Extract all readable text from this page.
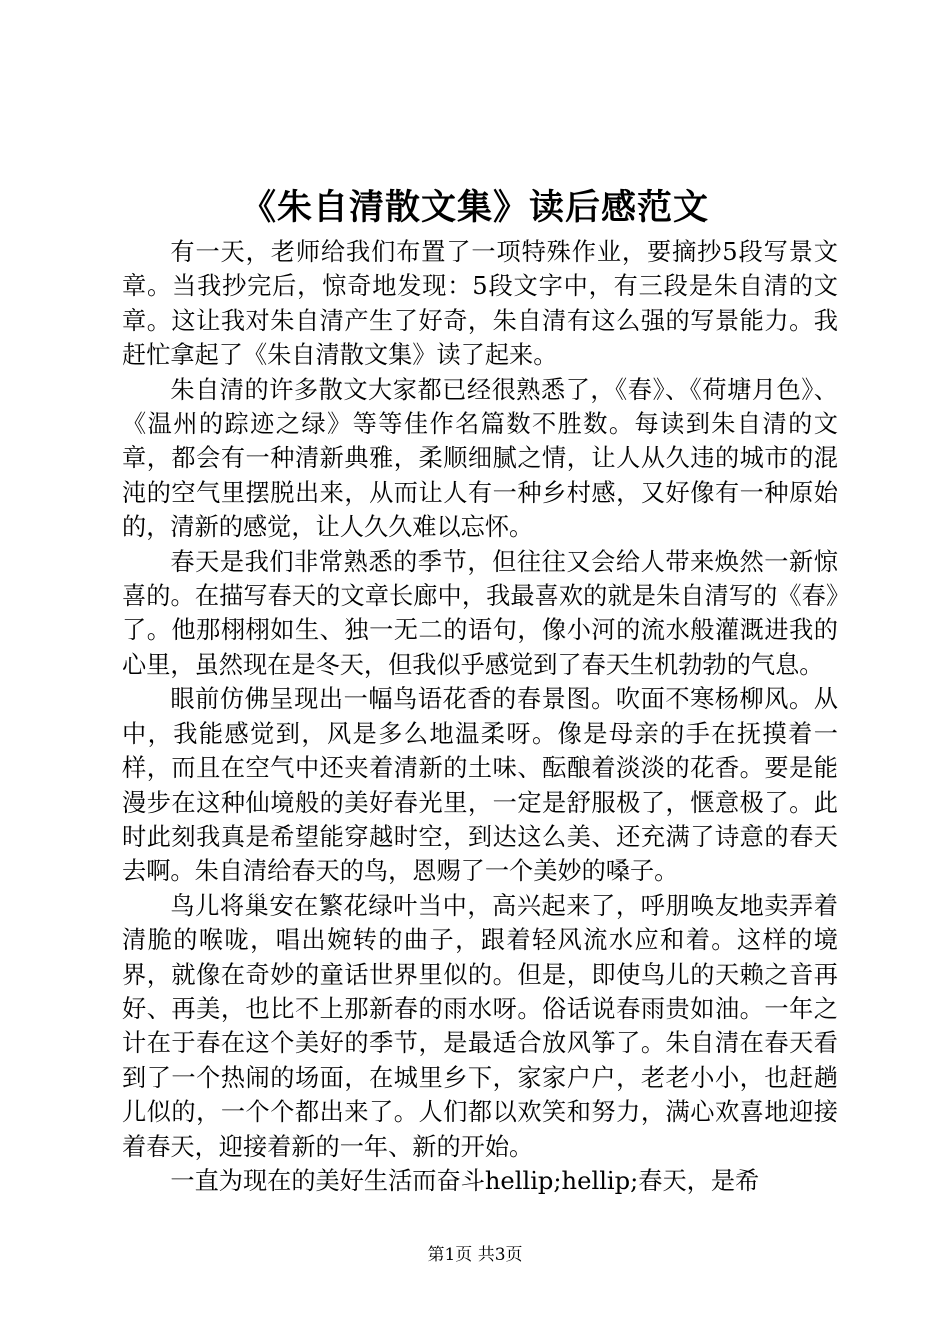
《朱自清散文集》读后感范文

有一天，老师给我们布置了一项特殊作业，要摘抄5段写景文章。当我抄完后，惊奇地发现：5段文字中，有三段是朱自清的文章。这让我对朱自清产生了好奇，朱自清有这么强的写景能力。我赶忙拿起了《朱自清散文集》读了起来。

朱自清的许多散文大家都已经很熟悉了，《春》、《荷塘月色》、《温州的踪迹之绿》等等佳作名篇数不胜数。每读到朱自清的文章，都会有一种清新典雅，柔顺细腻之情，让人从久违的城市的混沌的空气里摆脱出来，从而让人有一种乡村感，又好像有一种原始的，清新的感觉，让人久久难以忘怀。

春天是我们非常熟悉的季节，但往往又会给人带来焕然一新惊喜的。在描写春天的文章长廊中，我最喜欢的就是朱自清写的《春》了。他那栩栩如生、独一无二的语句，像小河的流水般灌溉进我的心里，虽然现在是冬天，但我似乎感觉到了春天生机勃勃的气息。

眼前仿佛呈现出一幅鸟语花香的春景图。吹面不寒杨柳风。从中，我能感觉到，风是多么地温柔呀。像是母亲的手在抚摸着一样，而且在空气中还夹着清新的土味、酝酿着淡淡的花香。要是能漫步在这种仙境般的美好春光里，一定是舒服极了，惬意极了。此时此刻我真是希望能穿越时空，到达这么美、还充满了诗意的春天去啊。朱自清给春天的鸟，恩赐了一个美妙的嗓子。

鸟儿将巢安在繁花绿叶当中，高兴起来了，呼朋唤友地卖弄着清脆的喉咙，唱出婉转的曲子，跟着轻风流水应和着。这样的境界，就像在奇妙的童话世界里似的。但是，即使鸟儿的天赖之音再好、再美，也比不上那新春的雨水呀。俗话说春雨贵如油。一年之计在于春在这个美好的季节，是最适合放风筝了。朱自清在春天看到了一个热闹的场面，在城里乡下，家家户户，老老小小，也赶趟儿似的，一个个都出来了。人们都以欢笑和努力，满心欢喜地迎接着春天，迎接着新的一年、新的开始。

一直为现在的美好生活而奋斗hellip;hellip;春天，是希

第1页 共3页
